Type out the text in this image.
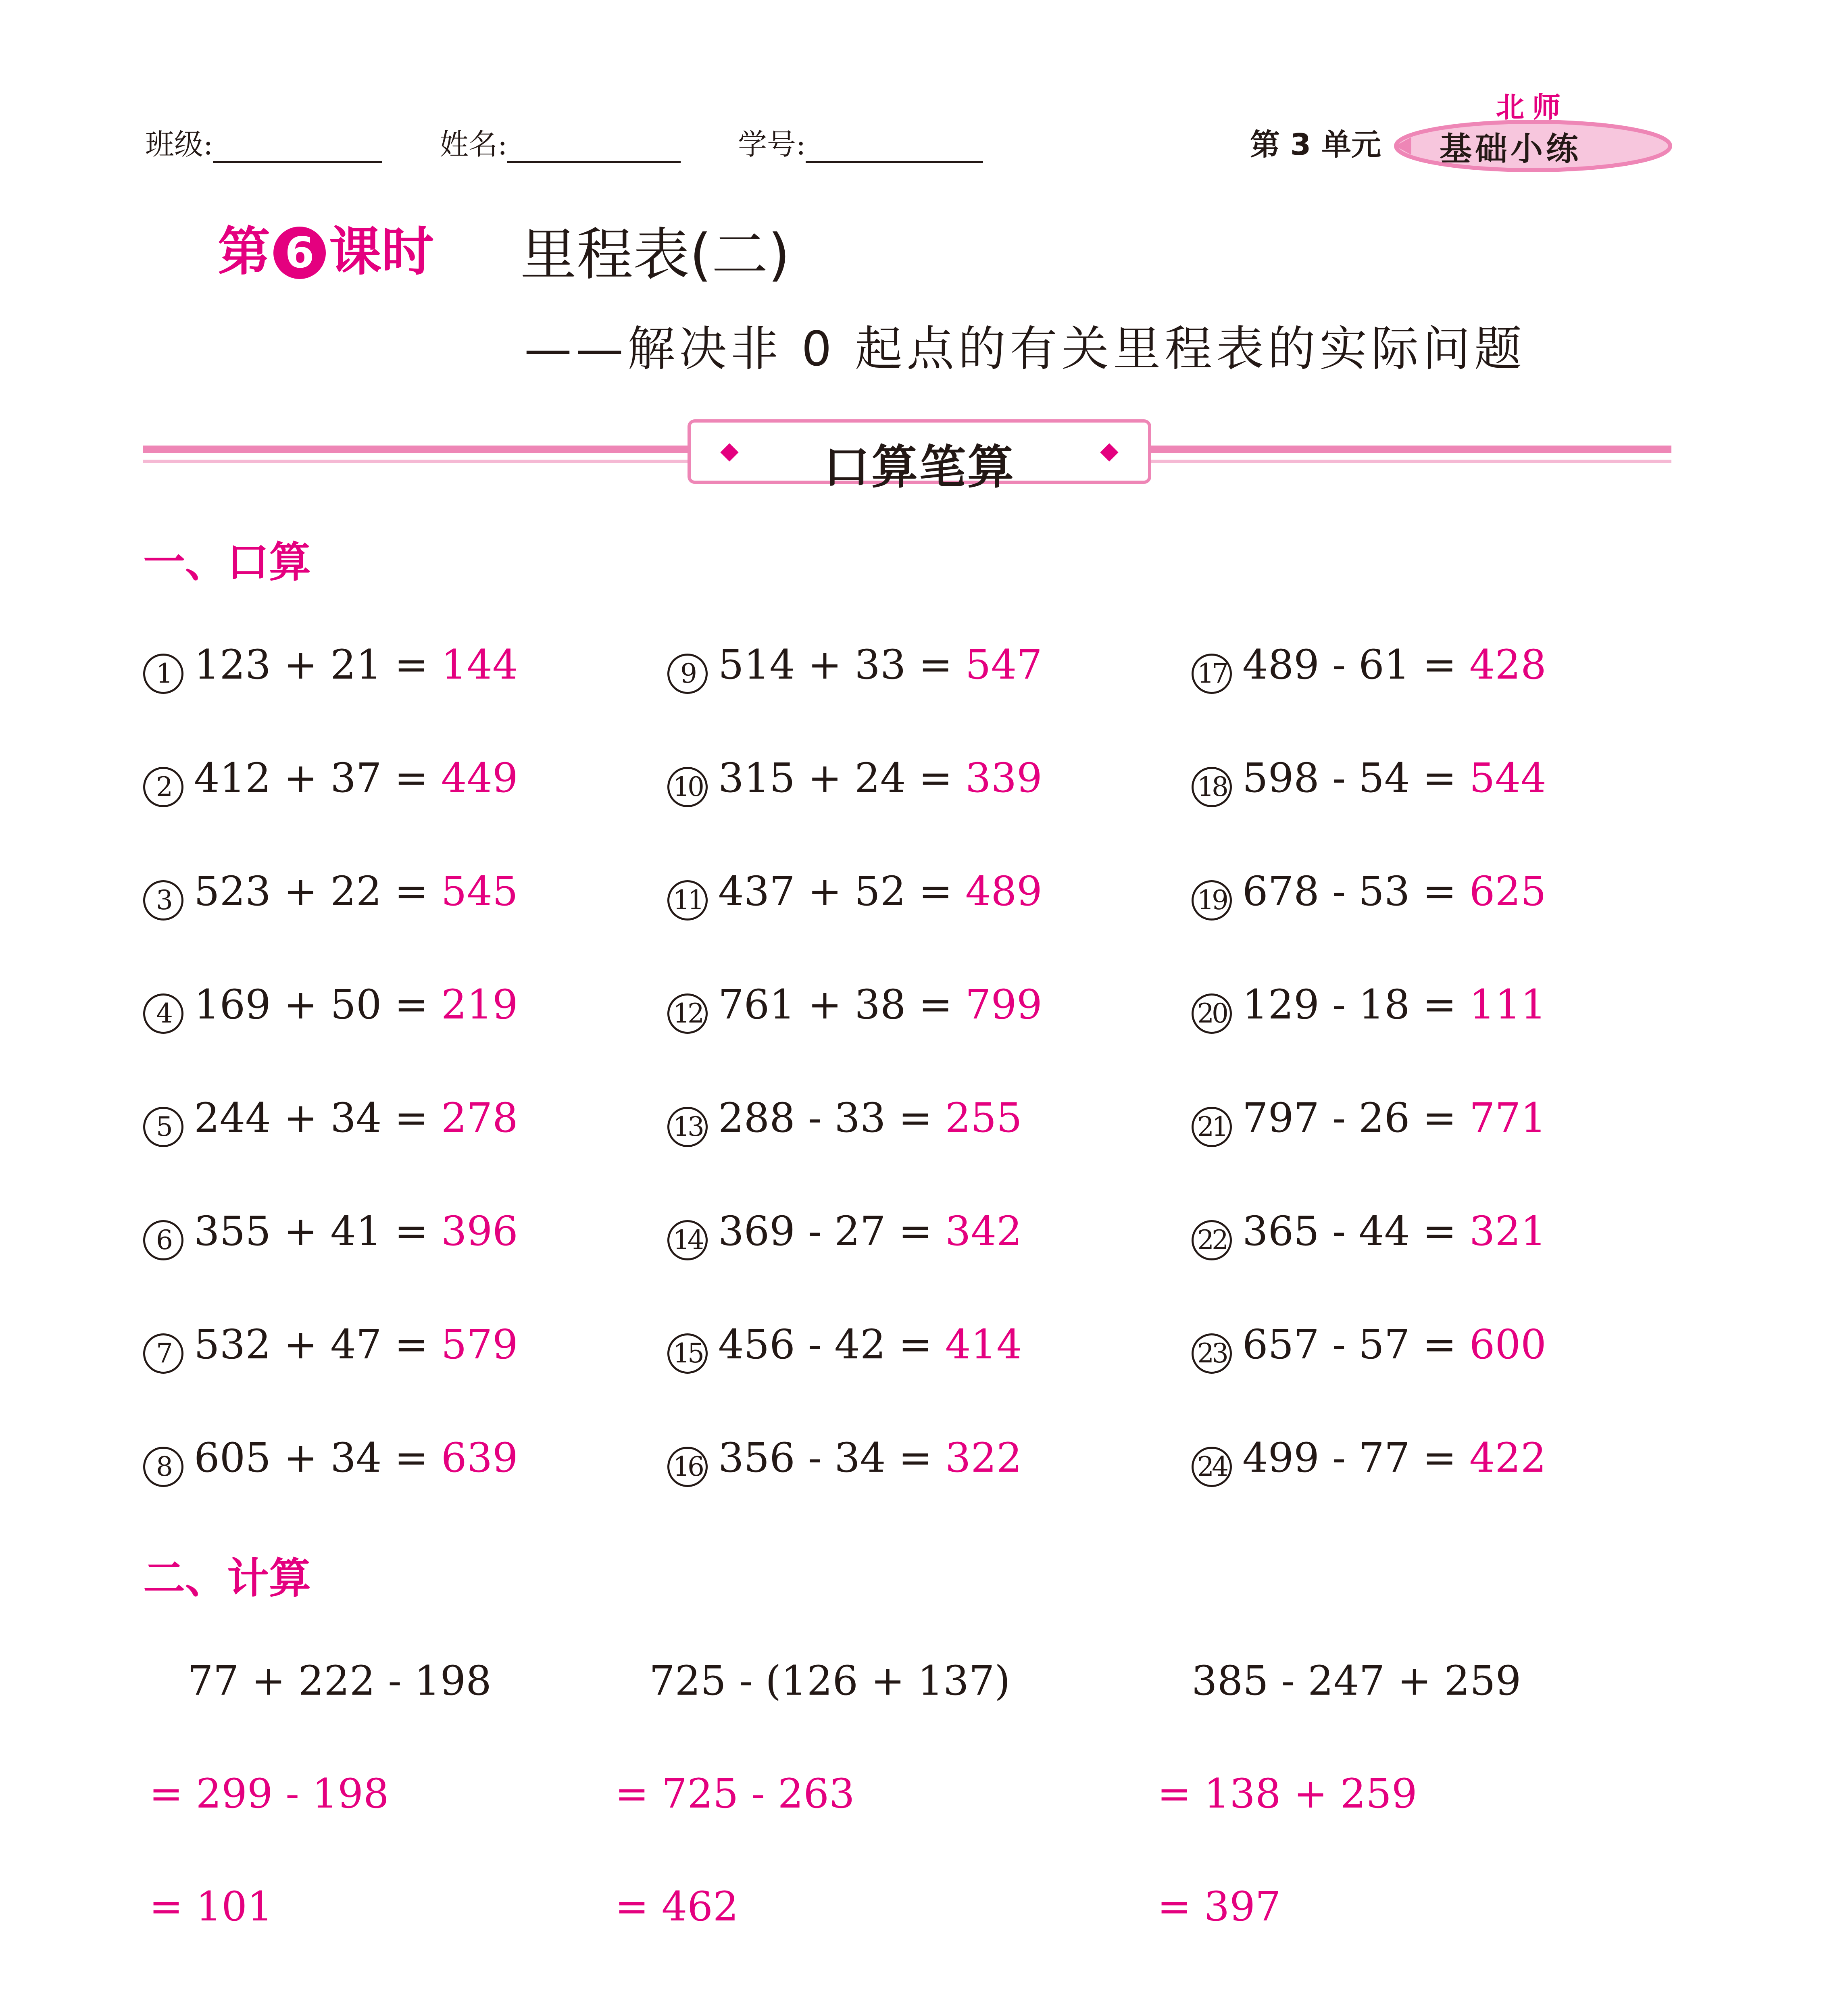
班级:	姓名:	学号:	第 3 单元
北师
基础小练
第 6 课时 里程表(二)
——解决非 0 起点的有关里程表的实际问题
口算笔算
一、口算
1 123 + 21 = 144
2 412 + 37 = 449
3 523 + 22 = 545
4 169 + 50 = 219
5 244 + 34 = 278
6 355 + 41 = 396
7 532 + 47 = 579
8 605 + 34 = 639
9 514 + 33 = 547
10 315 + 24 = 339
11 437 + 52 = 489
12 761 + 38 = 799
13 288 - 33 = 255
14 369 - 27 = 342
15 456 - 42 = 414
16 356 - 34 = 322
17 489 - 61 = 428
18 598 - 54 = 544
19 678 - 53 = 625
20 129 - 18 = 111
21 797 - 26 = 771
22 365 - 44 = 321
23 657 - 57 = 600
24 499 - 77 = 422
二、计算
77 + 222 - 198
= 299 - 198
= 101
725 - (126 + 137)
= 725 - 263
= 462
385 - 247 + 259
= 138 + 259
= 397
